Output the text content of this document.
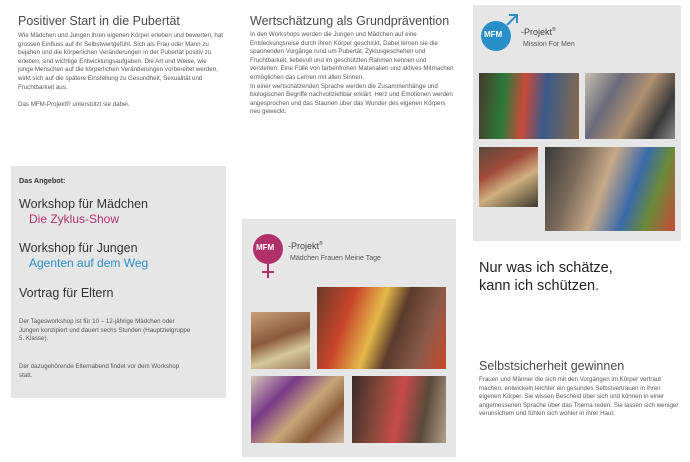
Positiver Start in die Pubertät

Wie Mädchen und Jungen ihren eigenen Körper erleben und bewerten, hat grossen Einfluss auf ihr Selbstwertgefühl. Sich als Frau oder Mann zu bejahen und die körperlichen Veränderungen in der Pubertät positiv zu erleben, sind wichtige Entwicklungsaufgaben. Die Art und Weise, wie junge Menschen auf die körperlichen Veränderungen vorbereitet werden, wirkt sich auf die spätere Einstellung zu Gesundheit, Sexualität und Fruchtbarkeit aus.

Das MFM-Projekt® unterstützt sie dabei.

Das Angebot:
Workshop für Mädchen
Die Zyklus-Show
Workshop für Jungen
Agenten auf dem Weg
Vortrag für Eltern
Der Tagesworkshop ist für 10 – 12-jährige Mädchen oder Jungen konzipiert und dauert sechs Stunden (Hauptzielgruppe 5. Klasse).
Der dazugehörende Elternabend findet vor dem Workshop statt.
Wertschätzung als Grundprävention

In den Workshops werden die Jungen und Mädchen auf eine Entdeckungsreise durch ihren Körper geschickt. Dabei lernen sie die spannenden Vorgänge rund um Pubertät, Zyklusgeschehen und Fruchtbarkeit, liebevoll und im geschützten Rahmen kennen und verstehen. Eine Fülle von farbenfrohen Materialien und aktives Mitmachen ermöglichen das Lernen mit allen Sinnen.

In einer wertschätzenden Sprache werden die Zusammenhänge und biologischen Begriffe nachvollziehbar erklärt. Herz und Emotionen werden angesprochen und das Staunen über das Wunder des eigenen Körpers neu geweckt.

MFM -Projekt®
Mädchen Frauen Meine Tage
MFM -Projekt®
Mission For Men
Nur was ich schätze,
kann ich schützen.
Selbstsicherheit gewinnen

Frauen und Männer die sich mit den Vorgängen im Körper vertraut machen, entwickeln leichter ein gesundes Selbstvertrauen in ihren eigenen Körper. Sie wissen Bescheid über sich und können in einer angemessenen Sprache über das Thema reden. Sie lassen sich weniger verunsichern und fühlen sich wohler in ihrer Haut.
